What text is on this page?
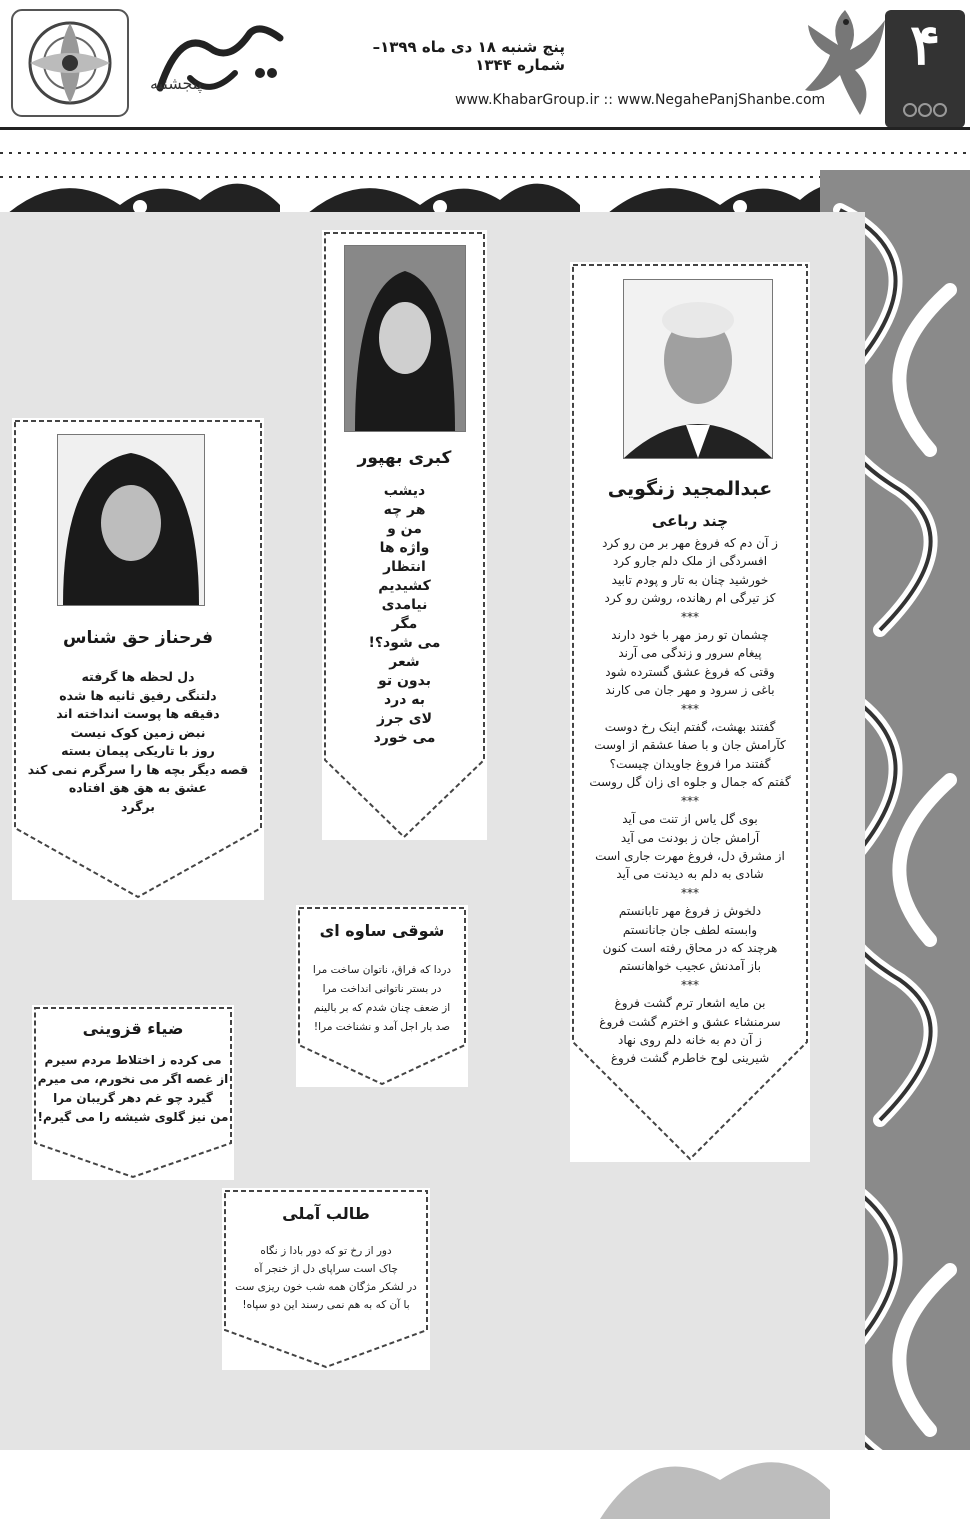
پنجشنبه
پنج شنبه ۱۸ دی ماه ۱۳۹۹– شماره ۱۳۴۴
www.KhabarGroup.ir :: www.NegahePanjShanbe.com
۴
عبدالمجید زنگویی
چند رباعی
ز آن دم که فروغ مهر بر من رو کرد
افسردگی از ملک دلم جارو کرد
خورشید چنان به تار و پودم تابید
کز تیرگی ام رهانده، روشن رو کرد
***
چشمان تو رمز مهر با خود دارند
پیغام سرور و زندگی می آرند
وقتی که فروغ عشق گسترده شود
باغی ز سرود و مهر جان می کارند
***
گفتند بهشت، گفتم اینک رخ دوست
کآرامش جان و با صفا عشقم از اوست
گفتند مرا فروغ جاویدان چیست؟
گفتم که جمال و جلوه ای زان گل روست
***
بوی گل یاس از تنت می آید
آرامش جان ز بودنت می آید
از مشرق دل، فروغ مهرت جاری است
شادی به دلم به دیدنت می آید
***
دلخوش ز فروغ مهر تابانستم
وابسته لطف جان جانانستم
هرچند که در محاق رفته است کنون
باز آمدنش عجیب خواهانستم
***
بن مایه اشعار ترم گشت فروغ
سرمنشاء عشق و اخترم گشت فروغ
ز آن دم به خانه دلم روی نهاد
شیرینی لوح خاطرم گشت فروغ
کبری بهپور
دیشب
هر چه
من و
واژه ها
انتظار
کشیدیم
نیامدی
مگر
می شود؟!
شعر
بدون تو
به درد
لای جرز
می خورد
فرحناز حق شناس
دل لحظه ها گرفته
دلتنگی رفیق ثانیه ها شده
دقیقه ها پوست انداخته اند
نبض زمین کوک نیست
روز با تاریکی پیمان بسته
قصه دیگر بچه ها را سرگرم نمی کند
عشق به هق هق افتاده
برگرد
شوقی ساوه ای
دردا که فراق، ناتوان ساخت مرا
در بستر ناتوانی انداخت مرا
از ضعف چنان شدم که بر بالینم
صد بار اجل آمد و نشناخت مرا!
ضیاء قزوینی
می کرده ز اختلاط مردم سیرم
از غصه اگر می نخورم، می میرم
گیرد چو غم دهر گریبان مرا
من نیز گلوی شیشه را می گیرم!
طالب آملی
دور از رخ تو که دور بادا ز نگاه
چاک است سراپای دل از خنجر آه
در لشکر مژگان همه شب خون ریزی ست
با آن که به هم نمی رسند این دو سپاه!
